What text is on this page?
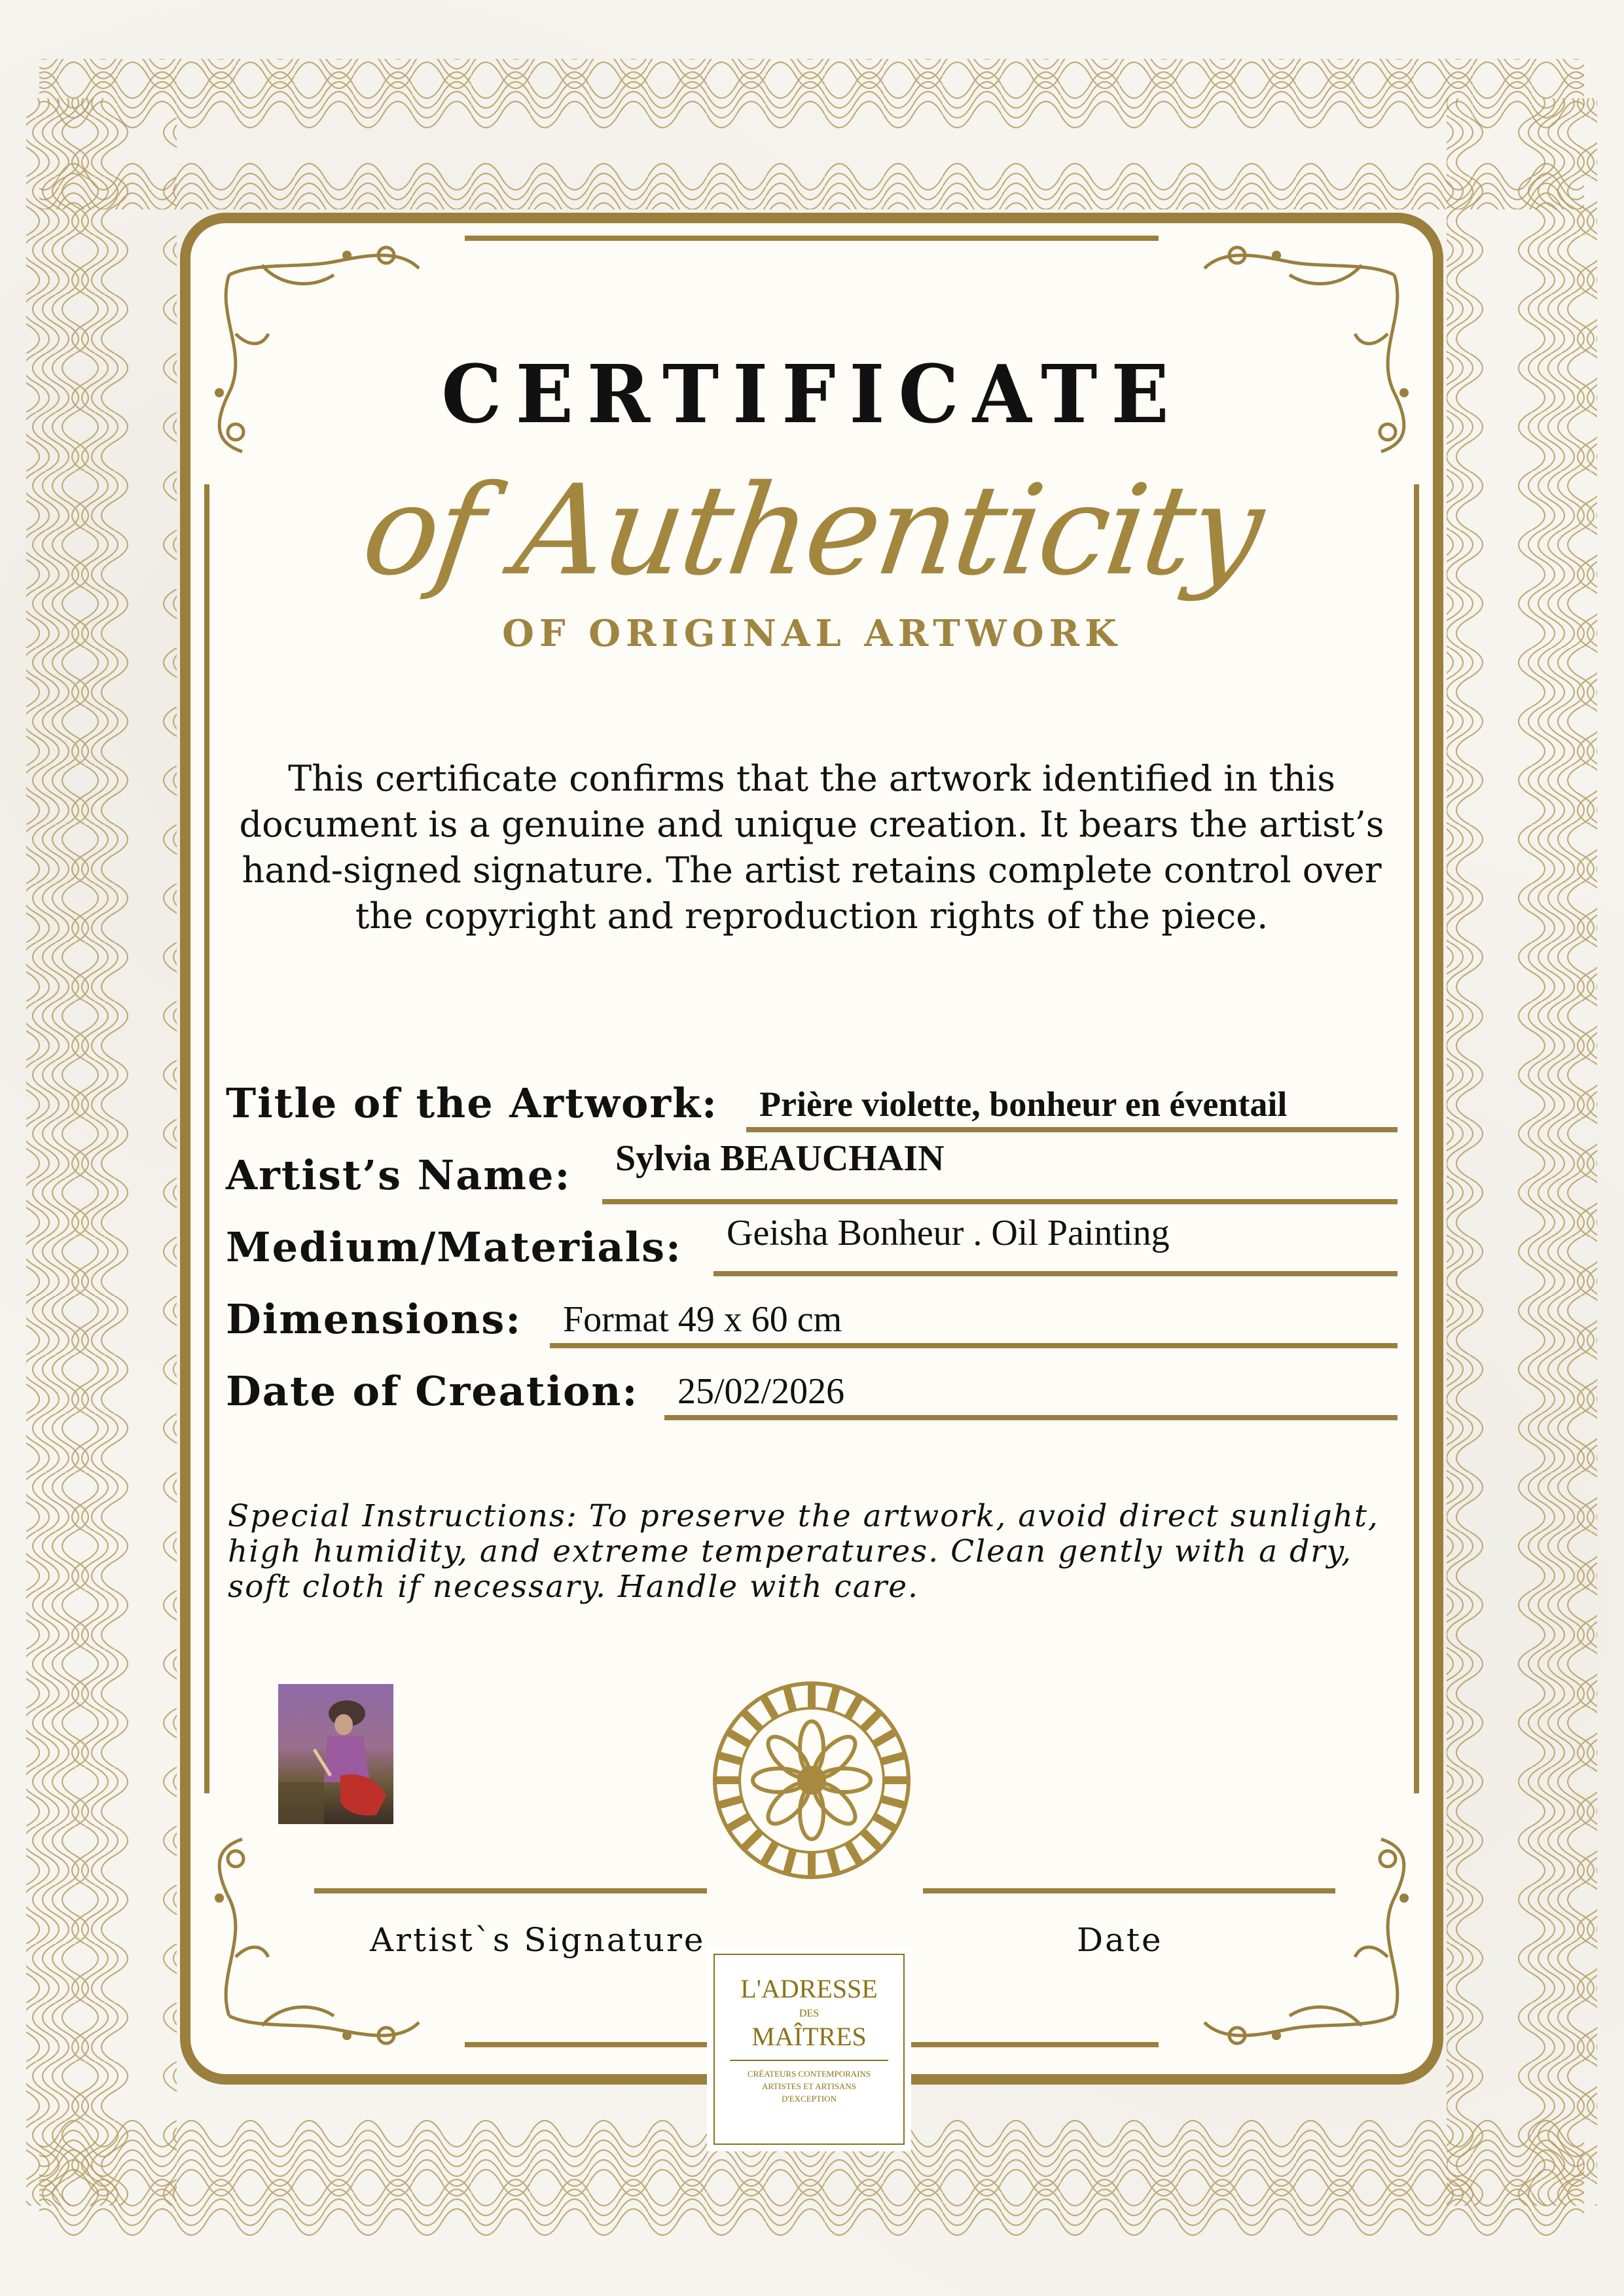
CERTIFICATE
of Authenticity
OF ORIGINAL ARTWORK
This certificate confirms that the artwork identified in this document is a genuine and unique creation. It bears the artist’s hand-signed signature. The artist retains complete control over the copyright and reproduction rights of the piece.
Title of the Artwork: Prière violette, bonheur en éventail
Artist’s Name: Sylvia BEAUCHAIN
Medium/Materials: Geisha Bonheur . Oil Painting
Dimensions: Format 49 x 60 cm
Date of Creation: 25/02/2026
Special Instructions: To preserve the artwork, avoid direct sunlight, high humidity, and extreme temperatures. Clean gently with a dry, soft cloth if necessary. Handle with care.
Artist`s Signature	Date
L'ADRESSE
DES
MAÎTRES
CRÉATEURS CONTEMPORAINS
ARTISTES ET ARTISANS
D'EXCEPTION
